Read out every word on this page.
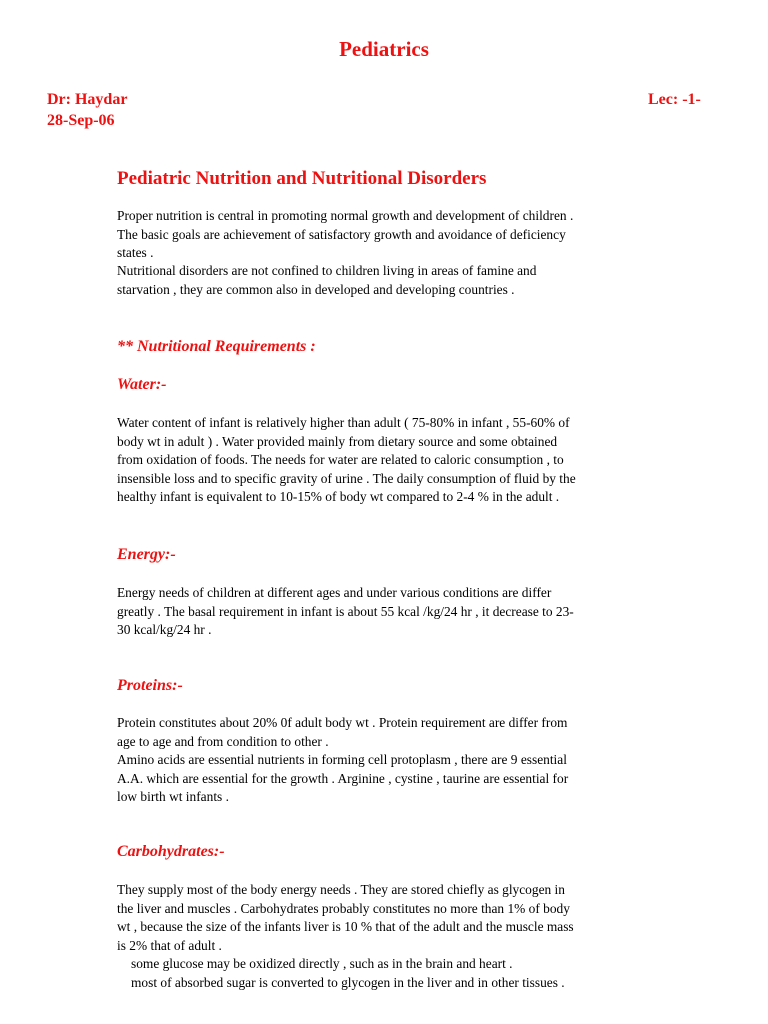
Pediatrics
Dr: Haydar	Lec: -1-
28-Sep-06
Pediatric Nutrition and Nutritional Disorders
Proper nutrition is central in promoting normal growth and development of children .
The basic goals are achievement of satisfactory growth and avoidance of deficiency
states .
Nutritional disorders are not confined to children living in areas of famine and
starvation , they are common also in developed and developing countries .
** Nutritional Requirements :
Water:-
Water content of infant is relatively higher than adult ( 75-80% in infant , 55-60% of
body wt in adult ) . Water provided mainly from dietary source and some obtained
from oxidation of foods. The needs for water are related to caloric consumption , to
insensible loss and to specific gravity of urine . The daily consumption of fluid by the
healthy infant is equivalent to 10-15% of body wt compared to 2-4 % in the adult .
Energy:-
Energy needs of children at different ages and under various conditions are differ
greatly . The basal requirement in infant is about 55 kcal /kg/24 hr , it decrease to 23-
30 kcal/kg/24 hr .
Proteins:-
Protein constitutes about 20% 0f adult body wt . Protein requirement are differ from
age to age and from condition to other .
Amino acids are essential nutrients in forming cell protoplasm , there are 9 essential
A.A. which are essential for the growth . Arginine , cystine , taurine are essential for
low birth wt infants .
Carbohydrates:-
They supply most of the body energy needs . They are stored chiefly as glycogen in
the liver and muscles . Carbohydrates probably constitutes no more than 1% of body
wt , because the size of the infants liver is 10 % that of the adult and the muscle mass
is 2% that of adult .
some glucose may be oxidized directly , such as in the brain and heart .
most of absorbed sugar is converted to glycogen in the liver and in other tissues .
